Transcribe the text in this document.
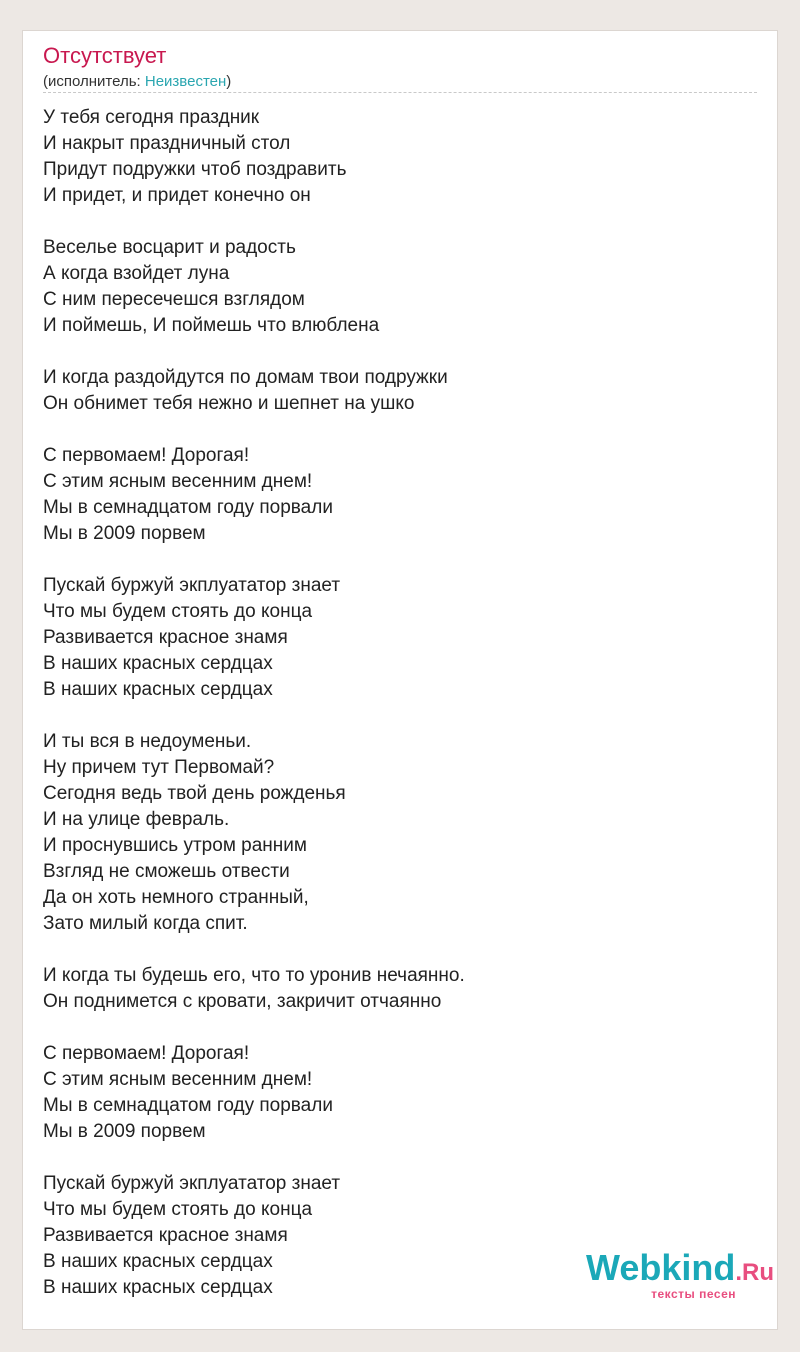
Отсутствует
(исполнитель: Неизвестен)
У тебя сегодня праздник
И накрыт праздничный стол
Придут подружки чтоб поздравить
И придет, и придет конечно он
Веселье восцарит и радость
А когда взойдет луна
С ним пересечешся взглядом
И поймешь, И поймешь что влюблена
И когда раздойдутся по домам твои подружки
Он обнимет тебя нежно и шепнет на ушко
С первомаем! Дорогая!
С этим ясным весенним днем!
Мы в семнадцатом году порвали
Мы в 2009 порвем
Пускай буржуй экплуататор знает
Что мы будем стоять до конца
Развивается красное знамя
В наших красных сердцах
В наших красных сердцах
И ты вся в недоуменьи.
Ну причем тут Первомай?
Сегодня ведь твой день рожденья
И на улице февраль.
И проснувшись утром ранним
Взгляд не сможешь отвести
Да он хоть немного странный,
Зато милый когда спит.
И когда ты будешь его, что то уронив нечаянно.
Он поднимется с кровати, закричит отчаянно
С первомаем! Дорогая!
С этим ясным весенним днем!
Мы в семнадцатом году порвали
Мы в 2009 порвем
Пускай буржуй экплуататор знает
Что мы будем стоять до конца
Развивается красное знамя
В наших красных сердцах
В наших красных сердцах	Webkind.Ru
тексты песен
